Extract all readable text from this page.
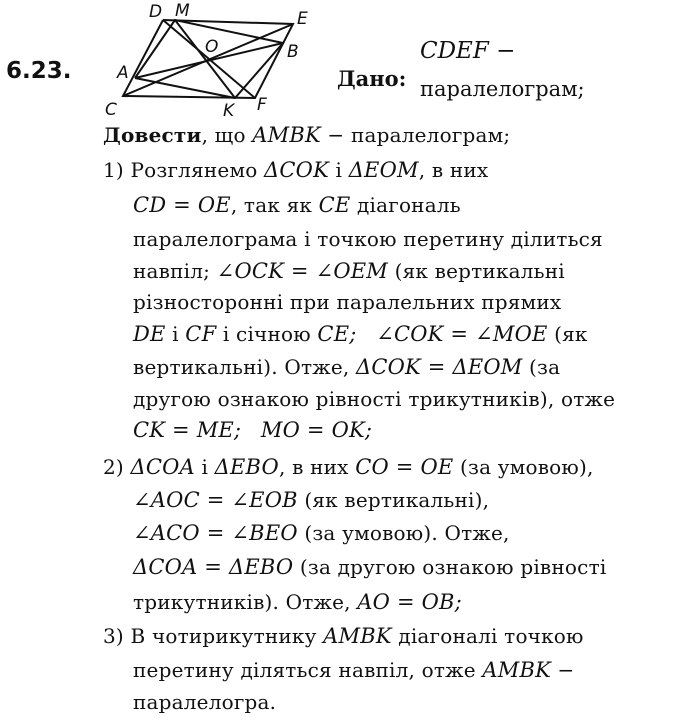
6.23.
D M	E
B
O
A
C	K F
Дано:
CDEF −
паралелограм;
Довести, що AMBK − паралелограм;
1) Розглянемо ΔCOK і ΔEOM, в них
CD = OE, так як CE діагональ
паралелограма і точкою перетину ділиться
навпіл; ∠OCK = ∠OEM (як вертикальні
різносторонні при паралельних прямих
DE і CF і січною CE; ∠COK = ∠MOE (як
вертикальні). Отже, ΔCOK = ΔEOM (за
другою ознакою рівності трикутників), отже
CK = ME; MO = OK;
2) ΔCOA і ΔEBO, в них CO = OE (за умовою),
∠AOC = ∠EOB (як вертикальні),
∠ACO = ∠BEO (за умовою). Отже,
ΔCOA = ΔEBO (за другою ознакою рівності
трикутників). Отже, AO = OB;
3) В чотирикутнику AMBK діагоналі точкою
перетину діляться навпіл, отже AMBK −
паралелогра.
